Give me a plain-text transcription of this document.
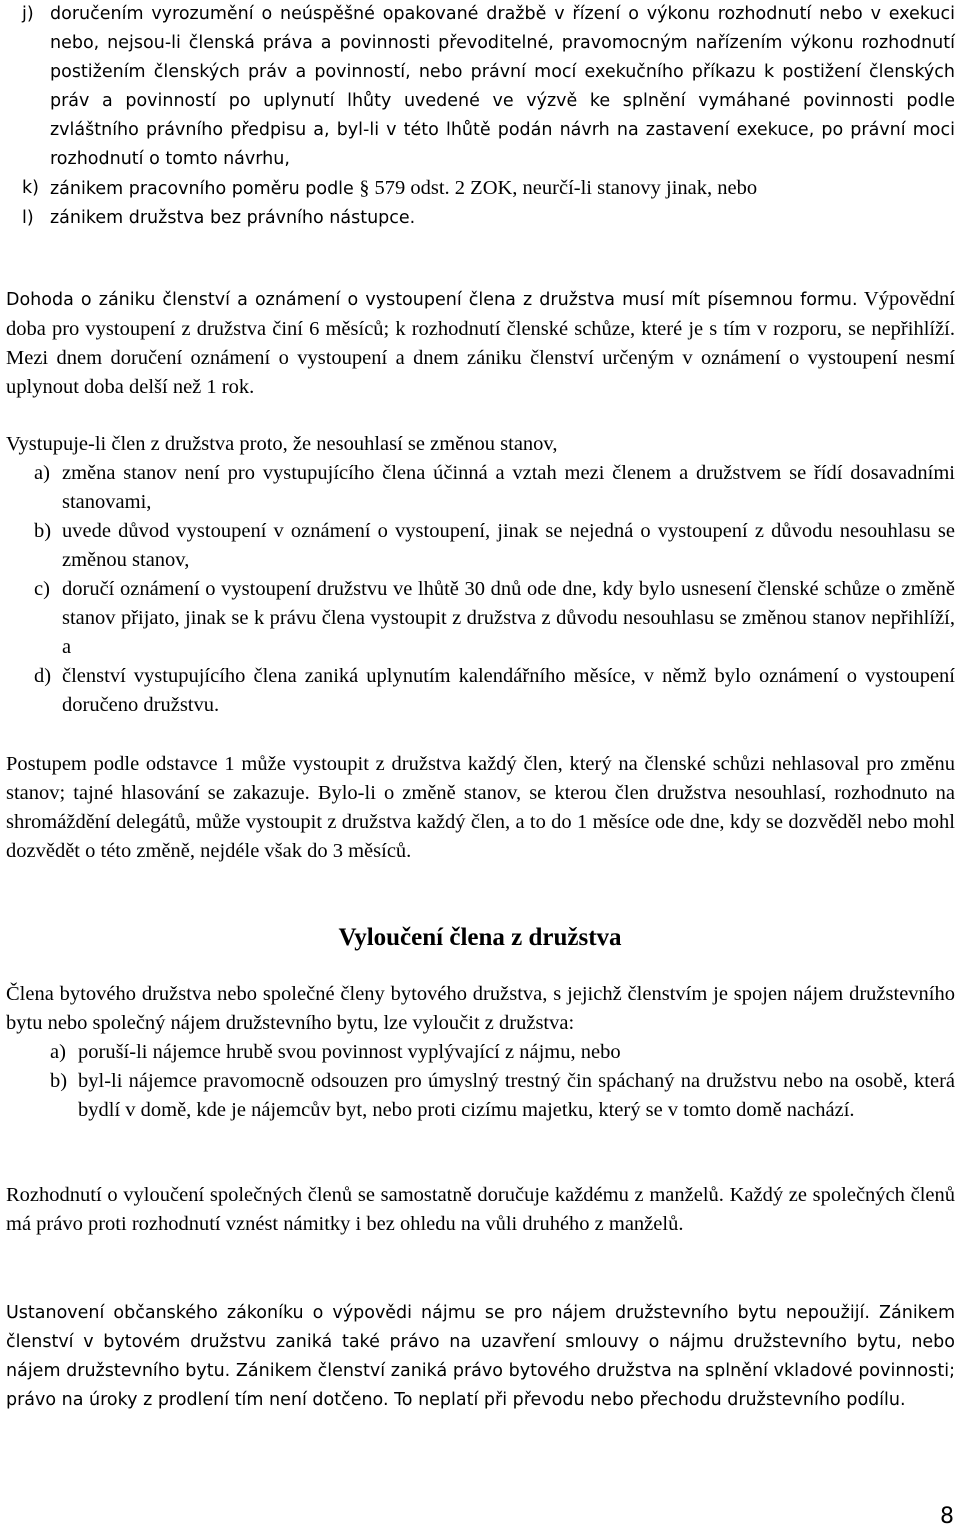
j) doručením vyrozumění o neúspěšné opakované dražbě v řízení o výkonu rozhodnutí nebo v exekuci nebo, nejsou-li členská práva a povinnosti převoditelné, pravomocným nařízením výkonu rozhodnutí postižením členských práv a povinností, nebo právní mocí exekučního příkazu k postižení členských práv a povinností po uplynutí lhůty uvedené ve výzvě ke splnění vymáhané povinnosti podle zvláštního právního předpisu a, byl-li v této lhůtě podán návrh na zastavení exekuce, po právní moci rozhodnutí o tomto návrhu,
k) zánikem pracovního poměru podle § 579 odst. 2 ZOK, neurčí-li stanovy jinak, nebo
l) zánikem družstva bez právního nástupce.
Dohoda o zániku členství a oznámení o vystoupení člena z družstva musí mít písemnou formu. Výpovědní doba pro vystoupení z družstva činí 6 měsíců; k rozhodnutí členské schůze, které je s tím v rozporu, se nepřihlíží. Mezi dnem doručení oznámení o vystoupení a dnem zániku členství určeným v oznámení o vystoupení nesmí uplynout doba delší než 1 rok.
Vystupuje-li člen z družstva proto, že nesouhlasí se změnou stanov,
a) změna stanov není pro vystupujícího člena účinná a vztah mezi členem a družstvem se řídí dosavadními stanovami,
b) uvede důvod vystoupení v oznámení o vystoupení, jinak se nejedná o vystoupení z důvodu nesouhlasu se změnou stanov,
c) doručí oznámení o vystoupení družstvu ve lhůtě 30 dnů ode dne, kdy bylo usnesení členské schůze o změně stanov přijato, jinak se k právu člena vystoupit z družstva z důvodu nesouhlasu se změnou stanov nepřihlíží, a
d) členství vystupujícího člena zaniká uplynutím kalendářního měsíce, v němž bylo oznámení o vystoupení doručeno družstvu.
Postupem podle odstavce 1 může vystoupit z družstva každý člen, který na členské schůzi nehlasoval pro změnu stanov; tajné hlasování se zakazuje. Bylo-li o změně stanov, se kterou člen družstva nesouhlasí, rozhodnuto na shromáždění delegátů, může vystoupit z družstva každý člen, a to do 1 měsíce ode dne, kdy se dozvěděl nebo mohl dozvědět o této změně, nejdéle však do 3 měsíců.
Vyloučení člena z družstva
Člena bytového družstva nebo společné členy bytového družstva, s jejichž členstvím je spojen nájem družstevního bytu nebo společný nájem družstevního bytu, lze vyloučit z družstva:
a) poruší-li nájemce hrubě svou povinnost vyplývající z nájmu, nebo
b) byl-li nájemce pravomocně odsouzen pro úmyslný trestný čin spáchaný na družstvu nebo na osobě, která bydlí v domě, kde je nájemcův byt, nebo proti cizímu majetku, který se v tomto domě nachází.
Rozhodnutí o vyloučení společných členů se samostatně doručuje každému z manželů. Každý ze společných členů má právo proti rozhodnutí vznést námitky i bez ohledu na vůli druhého z manželů.
Ustanovení občanského zákoníku o výpovědi nájmu se pro nájem družstevního bytu nepoužijí. Zánikem členství v bytovém družstvu zaniká také právo na uzavření smlouvy o nájmu družstevního bytu, nebo nájem družstevního bytu. Zánikem členství zaniká právo bytového družstva na splnění vkladové povinnosti; právo na úroky z prodlení tím není dotčeno. To neplatí při převodu nebo přechodu družstevního podílu.
8
